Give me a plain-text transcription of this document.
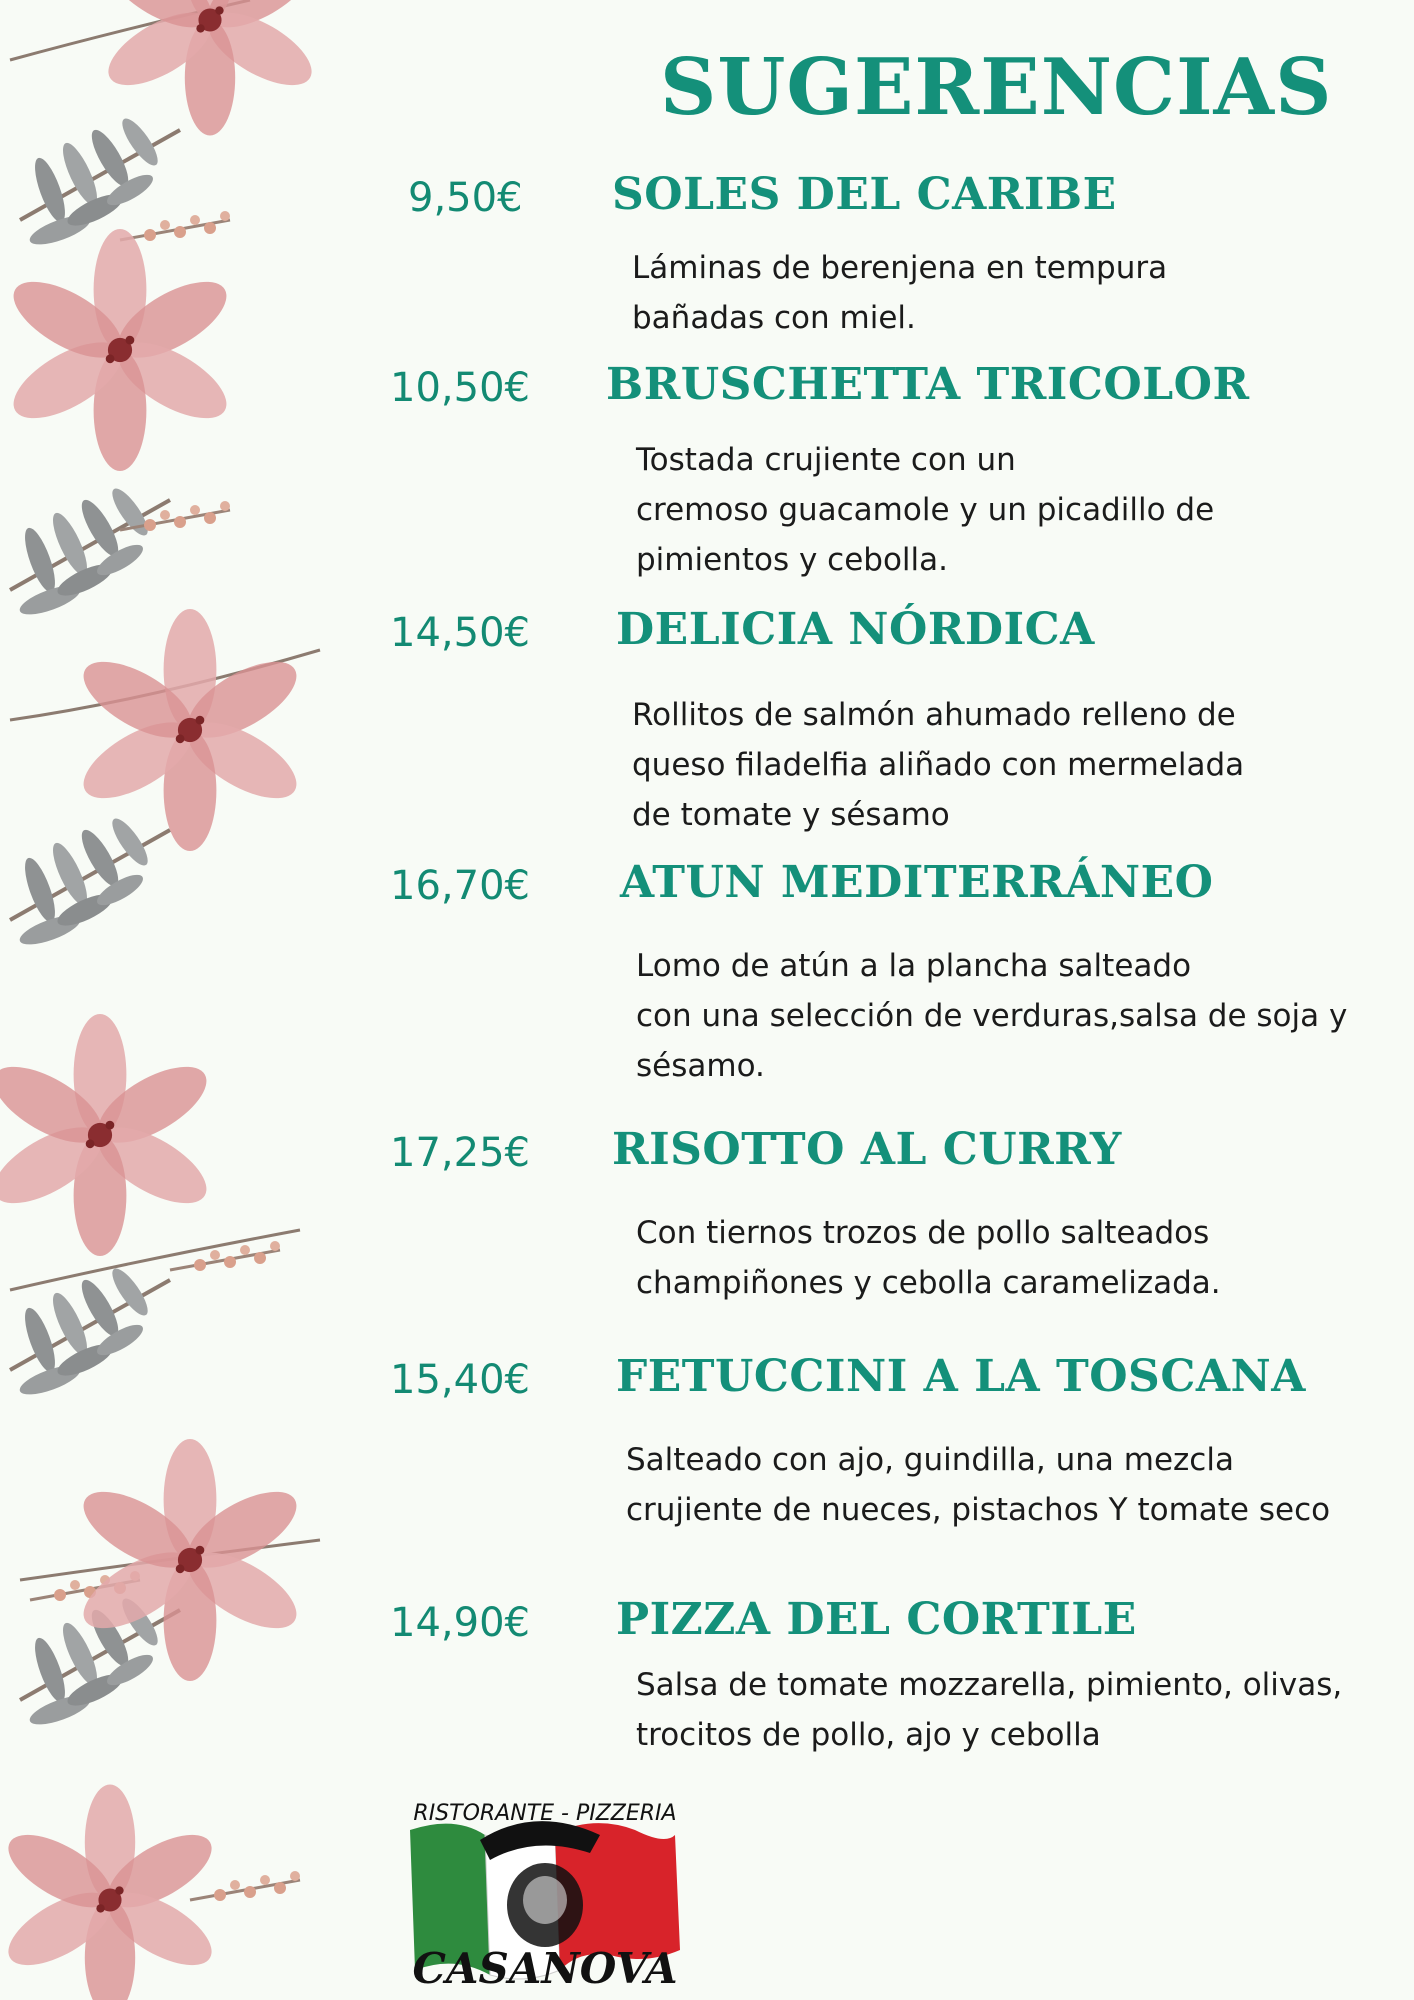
SUGERENCIAS
9,50€ SOLES DEL CARIBE
Láminas de berenjena en tempura
bañadas con miel.
10,50€ BRUSCHETTA TRICOLOR
Tostada crujiente con un
cremoso guacamole y un picadillo de
pimientos y cebolla.
14,50€ DELICIA NÓRDICA
Rollitos de salmón ahumado relleno de
queso filadelfia aliñado con mermelada
de tomate y sésamo
16,70€ ATUN MEDITERRÁNEO
Lomo de atún a la plancha salteado
con una selección de verduras,salsa de soja y
sésamo.
17,25€ RISOTTO AL CURRY
Con tiernos trozos de pollo salteados
champiñones y cebolla caramelizada.
15,40€ FETUCCINI A LA TOSCANA
Salteado con ajo, guindilla, una mezcla
crujiente de nueces, pistachos Y tomate seco
14,90€ PIZZA DEL CORTILE
Salsa de tomate mozzarella, pimiento, olivas,
trocitos de pollo, ajo y cebolla
RISTORANTE - PIZZERIA
CASANOVA
